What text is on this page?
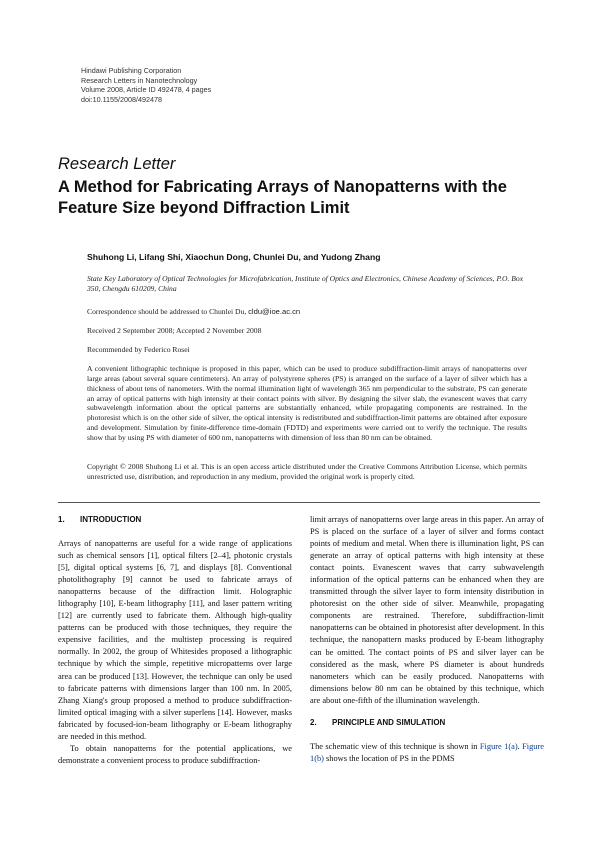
Hindawi Publishing Corporation
Research Letters in Nanotechnology
Volume 2008, Article ID 492478, 4 pages
doi:10.1155/2008/492478
Research Letter
A Method for Fabricating Arrays of Nanopatterns with the Feature Size beyond Diffraction Limit
Shuhong Li, Lifang Shi, Xiaochun Dong, Chunlei Du, and Yudong Zhang
State Key Laboratory of Optical Technologies for Microfabrication, Institute of Optics and Electronics, Chinese Academy of Sciences, P.O. Box 350, Chengdu 610209, China
Correspondence should be addressed to Chunlei Du, cldu@ioe.ac.cn
Received 2 September 2008; Accepted 2 November 2008
Recommended by Federico Rosei
A convenient lithographic technique is proposed in this paper, which can be used to produce subdiffraction-limit arrays of nanopatterns over large areas (about several square centimeters). An array of polystyrene spheres (PS) is arranged on the surface of a layer of silver which has a thickness of about tens of nanometers. With the normal illumination light of wavelength 365 nm perpendicular to the substrate, PS can generate an array of optical patterns with high intensity at their contact points with silver. By designing the silver slab, the evanescent waves that carry subwavelength information about the optical patterns are substantially enhanced, while propagating components are restrained. In the photoresist which is on the other side of silver, the optical intensity is redistributed and subdiffraction-limit patterns are obtained after exposure and development. Simulation by finite-difference time-domain (FDTD) and experiments were carried out to verify the technique. The results show that by using PS with diameter of 600 nm, nanopatterns with dimension of less than 80 nm can be obtained.
Copyright © 2008 Shuhong Li et al. This is an open access article distributed under the Creative Commons Attribution License, which permits unrestricted use, distribution, and reproduction in any medium, provided the original work is properly cited.
1. INTRODUCTION

Arrays of nanopatterns are useful for a wide range of applications such as chemical sensors [1], optical filters [2–4], photonic crystals [5], digital optical systems [6, 7], and displays [8]. Conventional photolithography [9] cannot be used to fabricate arrays of nanopatterns because of the diffraction limit. Holographic lithography [10], E-beam lithography [11], and laser pattern writing [12] are currently used to fabricate them. Although high-quality patterns can be produced with those techniques, they require the expensive facilities, and the multistep processing is required normally. In 2002, the group of Whitesides proposed a lithographic technique by which the simple, repetitive micropatterns over large area can be produced [13]. However, the technique can only be used to fabricate patterns with dimensions larger than 100 nm. In 2005, Zhang Xiang's group proposed a method to produce subdiffraction-limited optical imaging with a silver superlens [14]. However, masks fabricated by focused-ion-beam lithography or E-beam lithography are needed in this method.

To obtain nanopatterns for the potential applications, we demonstrate a convenient process to produce subdiffraction-

limit arrays of nanopatterns over large areas in this paper. An array of PS is placed on the surface of a layer of silver and forms contact points of medium and metal. When there is illumination light, PS can generate an array of optical patterns with high intensity at these contact points. Evanescent waves that carry subwavelength information of the optical patterns can be enhanced when they are transmitted through the silver layer to form intensity distribution in photoresist on the other side of silver. Meanwhile, propagating components are restrained. Therefore, subdiffraction-limit nanopatterns can be obtained in photoresist after development. In this technique, the nanopattern masks produced by E-beam lithography can be omitted. The contact points of PS and silver layer can be considered as the mask, where PS diameter is about hundreds nanometers which can be easily produced. Nanopatterns with dimensions below 80 nm can be obtained by this technique, which are about one-fifth of the illumination wavelength.

2. PRINCIPLE AND SIMULATION

The schematic view of this technique is shown in Figure 1(a). Figure 1(b) shows the location of PS in the PDMS
